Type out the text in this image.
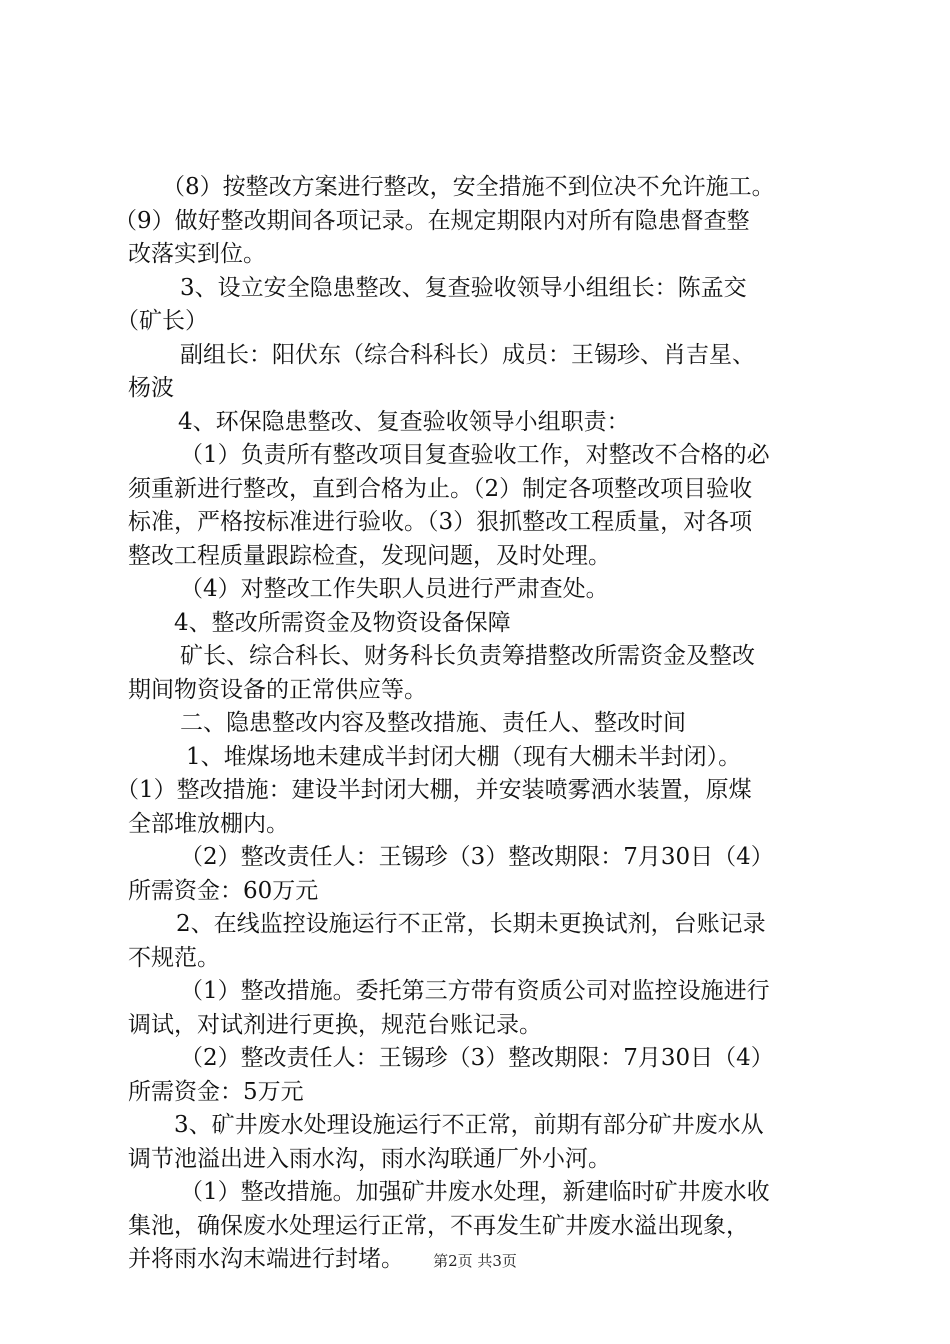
（8）按整改方案进行整改，安全措施不到位决不允许施工。
（9）做好整改期间各项记录。在规定期限内对所有隐患督查整
改落实到位。
3、设立安全隐患整改、复查验收领导小组组长：陈孟交
（矿长）
副组长：阳伏东（综合科科长）成员：王锡珍、肖吉星、
杨波
4、环保隐患整改、复查验收领导小组职责：
（1）负责所有整改项目复查验收工作，对整改不合格的必
须重新进行整改，直到合格为止。（2）制定各项整改项目验收
标准，严格按标准进行验收。（3）狠抓整改工程质量，对各项
整改工程质量跟踪检查，发现问题，及时处理。
（4）对整改工作失职人员进行严肃查处。
4、整改所需资金及物资设备保障
矿长、综合科长、财务科长负责筹措整改所需资金及整改
期间物资设备的正常供应等。
二、隐患整改内容及整改措施、责任人、整改时间
1、堆煤场地未建成半封闭大棚（现有大棚未半封闭）。
（1）整改措施：建设半封闭大棚，并安装喷雾洒水装置，原煤
全部堆放棚内。
（2）整改责任人：王锡珍（3）整改期限：7月30日（4）
所需资金：60万元
2、在线监控设施运行不正常，长期未更换试剂，台账记录
不规范。
（1）整改措施。委托第三方带有资质公司对监控设施进行
调试，对试剂进行更换，规范台账记录。
（2）整改责任人：王锡珍（3）整改期限：7月30日（4）
所需资金：5万元
3、矿井废水处理设施运行不正常，前期有部分矿井废水从
调节池溢出进入雨水沟，雨水沟联通厂外小河。
（1）整改措施。加强矿井废水处理，新建临时矿井废水收
集池，确保废水处理运行正常，不再发生矿井废水溢出现象，
并将雨水沟末端进行封堵。	第2页 共3页
